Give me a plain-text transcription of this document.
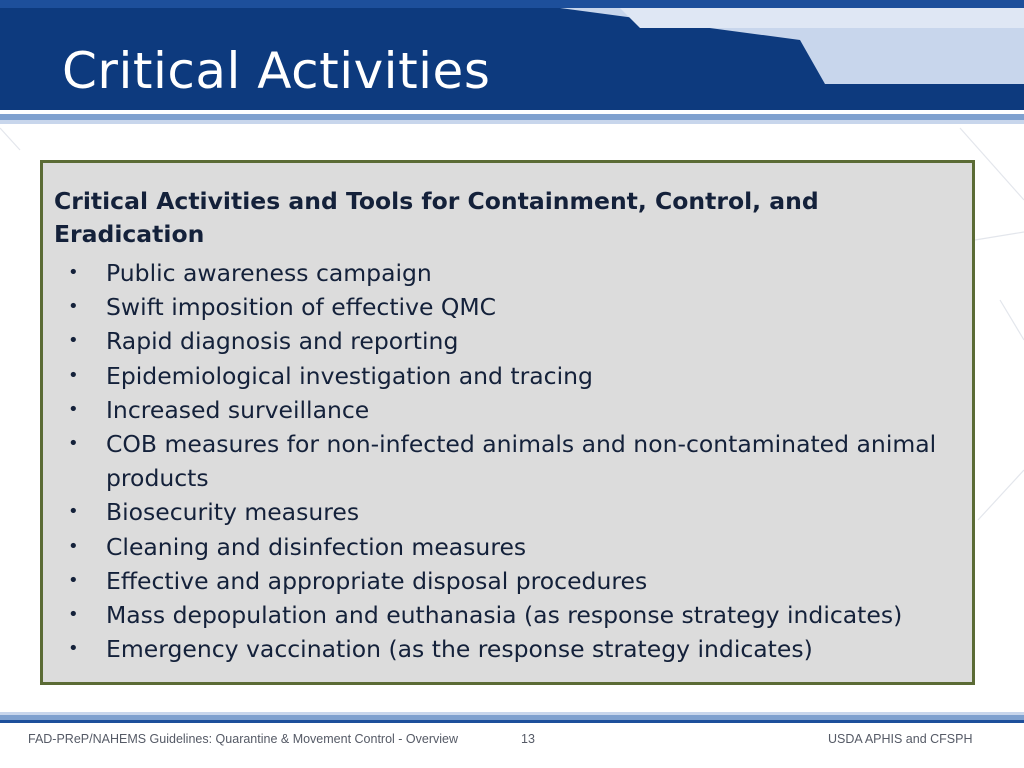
Critical Activities
Critical Activities and Tools for Containment, Control, and Eradication
• Public awareness campaign
• Swift imposition of effective QMC
• Rapid diagnosis and reporting
• Epidemiological investigation and tracing
• Increased surveillance
• COB measures for non-infected animals and non-contaminated animal products
• Biosecurity measures
• Cleaning and disinfection measures
• Effective and appropriate disposal procedures
• Mass depopulation and euthanasia (as response strategy indicates)
• Emergency vaccination (as the response strategy indicates)
FAD-PReP/NAHEMS Guidelines: Quarantine & Movement Control - Overview	13	USDA APHIS and CFSPH
